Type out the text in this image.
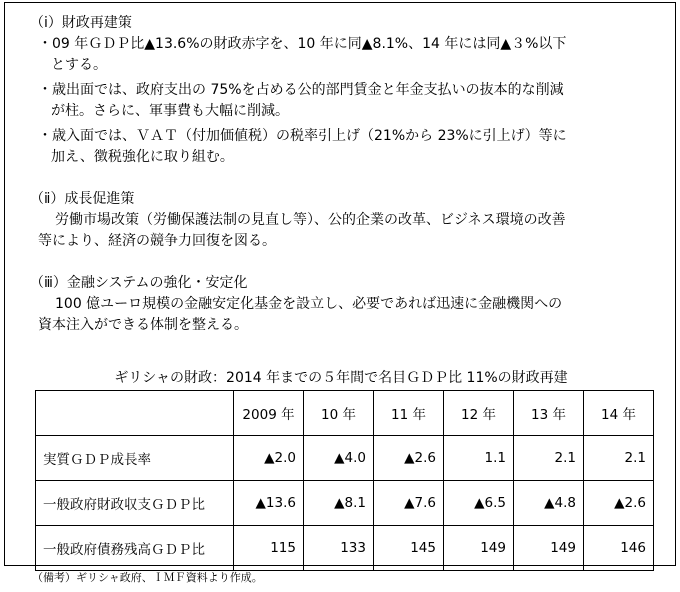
（ⅰ）財政再建策
・09 年ＧＤＰ比▲13.6%の財政赤字を、10 年に同▲8.1%、14 年には同▲３%以下
とする。
・歳出面では、政府支出の 75%を占める公的部門賃金と年金支払いの抜本的な削減
が柱。さらに、軍事費も大幅に削減。
・歳入面では、ＶＡＴ（付加価値税）の税率引上げ（21%から 23%に引上げ）等に
加え、徴税強化に取り組む。
（ⅱ）成長促進策
労働市場改策（労働保護法制の見直し等）、公的企業の改革、ビジネス環境の改善
等により、経済の競争力回復を図る。
（ⅲ）金融システムの強化・安定化
100 億ユーロ規模の金融安定化基金を設立し、必要であれば迅速に金融機関への
資本注入ができる体制を整える。
ギリシャの財政：2014 年までの５年間で名目ＧＤＰ比 11%の財政再建
	2009 年	10 年	11 年	12 年	13 年	14 年
実質ＧＤＰ成長率	▲2.0	▲4.0	▲2.6	1.1	2.1	2.1
一般政府財政収支ＧＤＰ比	▲13.6	▲8.1	▲7.6	▲6.5	▲4.8	▲2.6
一般政府債務残高ＧＤＰ比	115	133	145	149	149	146
（備考）ギリシャ政府、ＩＭＦ資料より作成。
